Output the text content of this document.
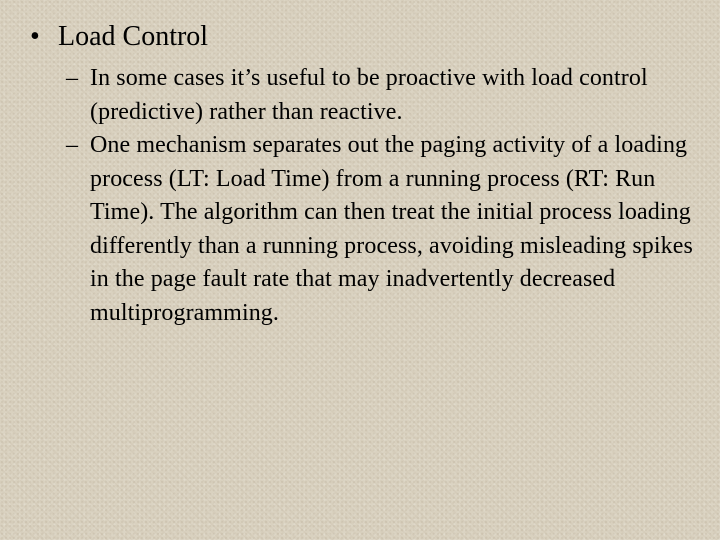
• Load Control
– In some cases it’s useful to be proactive with load control (predictive) rather than reactive.
– One mechanism separates out the paging activity of a loading process (LT: Load Time) from a running process (RT: Run Time). The algorithm can then treat the initial process loading differently than a running process, avoiding misleading spikes in the page fault rate that may inadvertently decreased multiprogramming.
